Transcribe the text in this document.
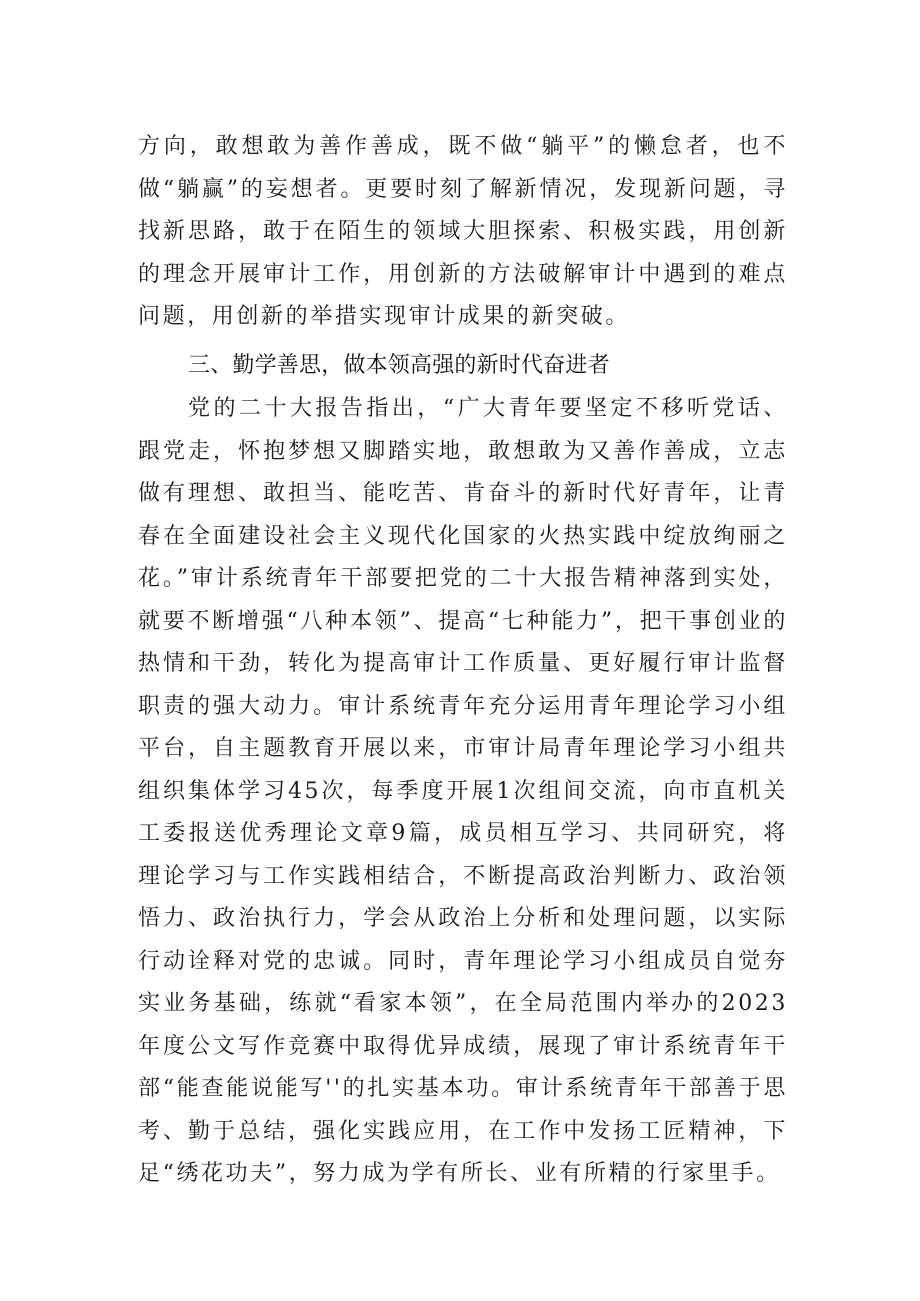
方向，敢想敢为善作善成，既不做“躺平”的懒怠者，也不做“躺赢”的妄想者。更要时刻了解新情况，发现新问题，寻找新思路，敢于在陌生的领域大胆探索、积极实践，用创新的理念开展审计工作，用创新的方法破解审计中遇到的难点问题，用创新的举措实现审计成果的新突破。

三、勤学善思，做本领高强的新时代奋进者

党的二十大报告指出，“广大青年要坚定不移听党话、跟党走，怀抱梦想又脚踏实地，敢想敢为又善作善成，立志做有理想、敢担当、能吃苦、肯奋斗的新时代好青年，让青春在全面建设社会主义现代化国家的火热实践中绽放绚丽之花。”审计系统青年干部要把党的二十大报告精神落到实处，就要不断增强“八种本领”、提高“七种能力”，把干事创业的热情和干劲，转化为提高审计工作质量、更好履行审计监督职责的强大动力。审计系统青年充分运用青年理论学习小组平台，自主题教育开展以来，市审计局青年理论学习小组共组织集体学习45次，每季度开展1次组间交流，向市直机关工委报送优秀理论文章9篇，成员相互学习、共同研究，将理论学习与工作实践相结合，不断提高政治判断力、政治领悟力、政治执行力，学会从政治上分析和处理问题，以实际行动诠释对党的忠诚。同时，青年理论学习小组成员自觉夯实业务基础，练就“看家本领”，在全局范围内举办的2023年度公文写作竞赛中取得优异成绩，展现了审计系统青年干部“能查能说能写''的扎实基本功。审计系统青年干部善于思考、勤于总结，强化实践应用，在工作中发扬工匠精神，下足“绣花功夫”，努力成为学有所长、业有所精的行家里手。
